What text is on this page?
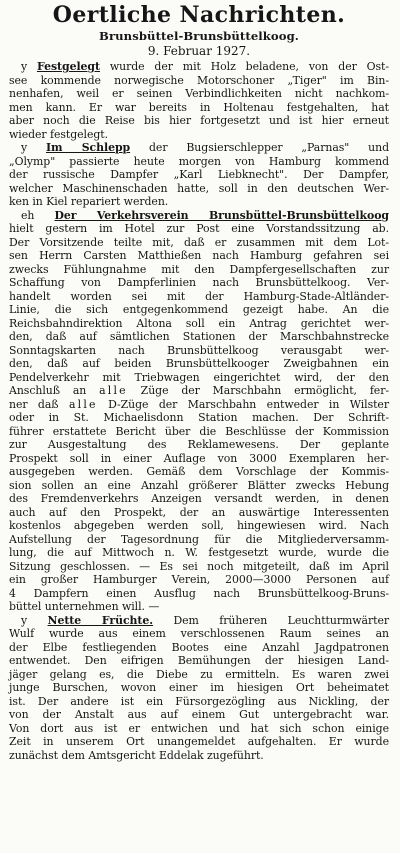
Oertliche Nachrichten.
Brunsbüttel-Brunsbüttelkoog.
9. Februar 1927.

y Festgelegt wurde der mit Holz beladene, von der Ost-

see kommende norwegische Motorschoner „Tiger" im Bin-

nenhafen, weil er seinen Verbindlichkeiten nicht nachkom-

men kann. Er war bereits in Holtenau festgehalten, hat

aber noch die Reise bis hier fortgesetzt und ist hier erneut

wieder festgelegt.

y Im Schlepp der Bugsierschlepper „Parnas" und

„Olymp" passierte heute morgen von Hamburg kommend

der russische Dampfer „Karl Liebknecht". Der Dampfer,

welcher Maschinenschaden hatte, soll in den deutschen Wer-

ken in Kiel repariert werden.

eh Der Verkehrsverein Brunsbüttel-Brunsbüttelkoog

hielt gestern im Hotel zur Post eine Vorstandssitzung ab.

Der Vorsitzende teilte mit, daß er zusammen mit dem Lot-

sen Herrn Carsten Matthießen nach Hamburg gefahren sei

zwecks Fühlungnahme mit den Dampfergesellschaften zur

Schaffung von Dampferlinien nach Brunsbüttelkoog. Ver-

handelt worden sei mit der Hamburg-Stade-Altländer-

Linie, die sich entgegenkommend gezeigt habe. An die

Reichsbahndirektion Altona soll ein Antrag gerichtet wer-

den, daß auf sämtlichen Stationen der Marschbahnstrecke

Sonntagskarten nach Brunsbüttelkoog verausgabt wer-

den, daß auf beiden Brunsbüttelkooger Zweigbahnen ein

Pendelverkehr mit Triebwagen eingerichtet wird, der den

Anschluß an alle Züge der Marschbahn ermöglicht, fer-

ner daß alle D-Züge der Marschbahn entweder in Wilster

oder in St. Michaelisdonn Station machen. Der Schrift-

führer erstattete Bericht über die Beschlüsse der Kommission

zur Ausgestaltung des Reklamewesens. Der geplante

Prospekt soll in einer Auflage von 3000 Exemplaren her-

ausgegeben werden. Gemäß dem Vorschlage der Kommis-

sion sollen an eine Anzahl größerer Blätter zwecks Hebung

des Fremdenverkehrs Anzeigen versandt werden, in denen

auch auf den Prospekt, der an auswärtige Interessenten

kostenlos abgegeben werden soll, hingewiesen wird. Nach

Aufstellung der Tagesordnung für die Mitgliederversamm-

lung, die auf Mittwoch n. W. festgesetzt wurde, wurde die

Sitzung geschlossen. — Es sei noch mitgeteilt, daß im April

ein großer Hamburger Verein, 2000—3000 Personen auf

4 Dampfern einen Ausflug nach Brunsbüttelkoog-Bruns-

büttel unternehmen will. —

y Nette Früchte. Dem früheren Leuchtturmwärter

Wulf wurde aus einem verschlossenen Raum seines an

der Elbe festliegenden Bootes eine Anzahl Jagdpatronen

entwendet. Den eifrigen Bemühungen der hiesigen Land-

jäger gelang es, die Diebe zu ermitteln. Es waren zwei

junge Burschen, wovon einer im hiesigen Ort beheimatet

ist. Der andere ist ein Fürsorgezögling aus Nickling, der

von der Anstalt aus auf einem Gut untergebracht war.

Von dort aus ist er entwichen und hat sich schon einige

Zeit in unserem Ort unangemeldet aufgehalten. Er wurde

zunächst dem Amtsgericht Eddelak zugeführt.
